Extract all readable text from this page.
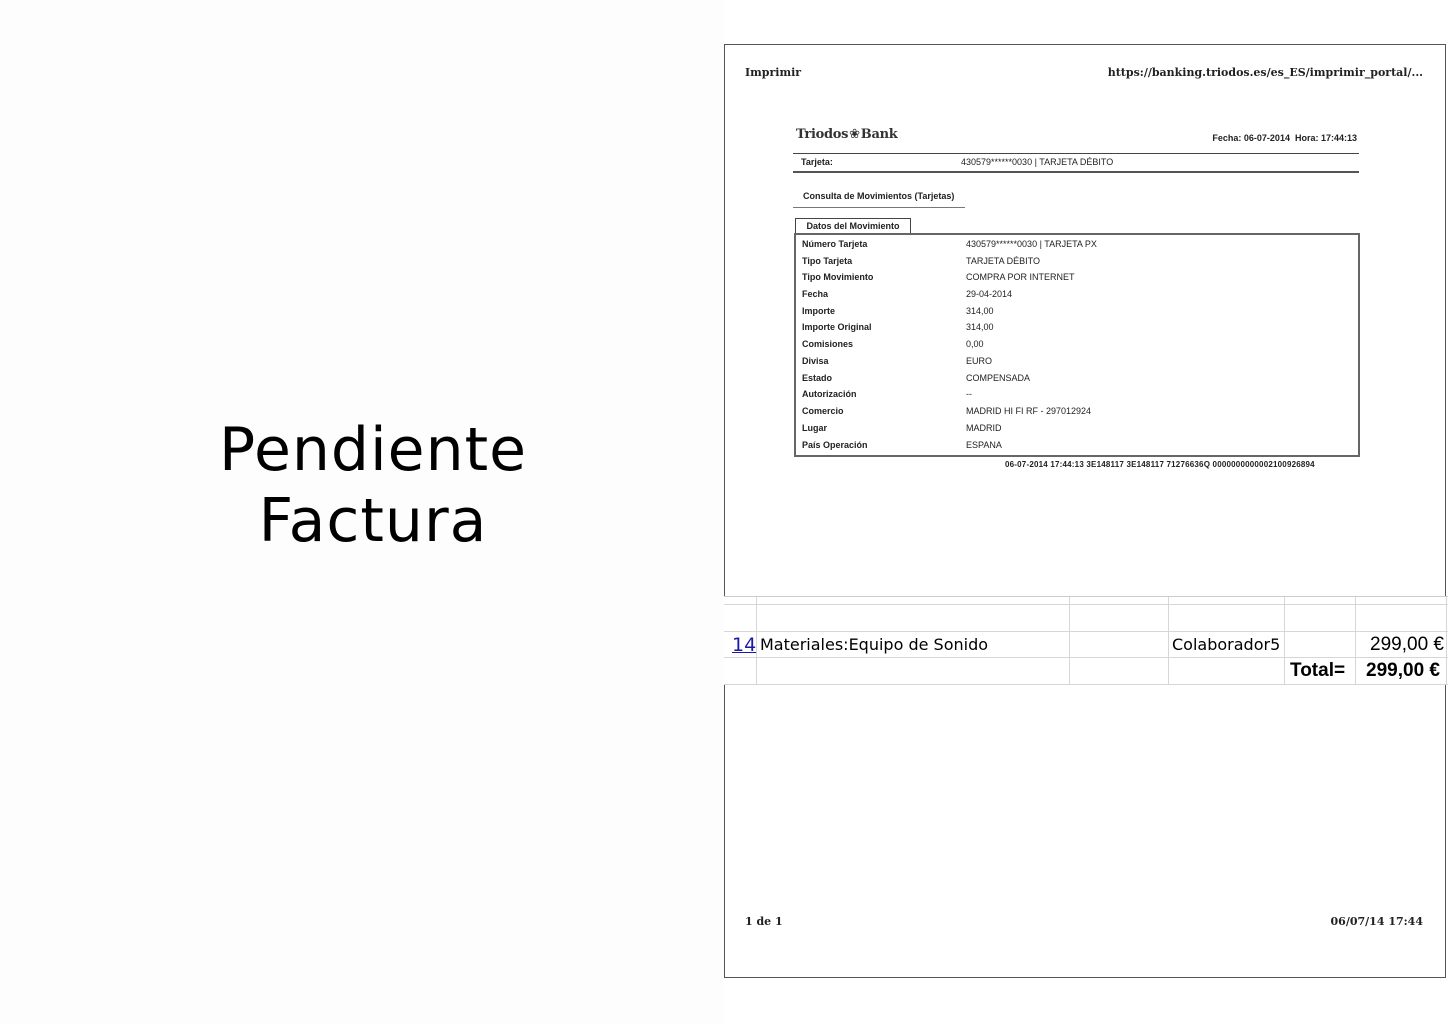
Pendiente
Factura
Imprimir	https://banking.triodos.es/es_ES/imprimir_portal/...
Triodos❀Bank	Fecha: 06-07-2014 Hora: 17:44:13
Tarjeta:	430579******0030 | TARJETA DÉBITO
Consulta de Movimientos (Tarjetas)
Datos del Movimiento
Número Tarjeta	430579******0030 | TARJETA PX
Tipo Tarjeta	TARJETA DÉBITO
Tipo Movimiento	COMPRA POR INTERNET
Fecha	29-04-2014
Importe	314,00
Importe Original	314,00
Comisiones	0,00
Divisa	EURO
Estado	COMPENSADA
Autorización	--
Comercio	MADRID HI FI RF - 297012924
Lugar	MADRID
País Operación	ESPANA
06-07-2014 17:44:13 3E148117 3E148117 71276636Q 0000000000002100926894
1 de 1	06/07/14 17:44
14 Materiales:Equipo de Sonido	Colaborador5	299,00 €
Total= 299,00 €
